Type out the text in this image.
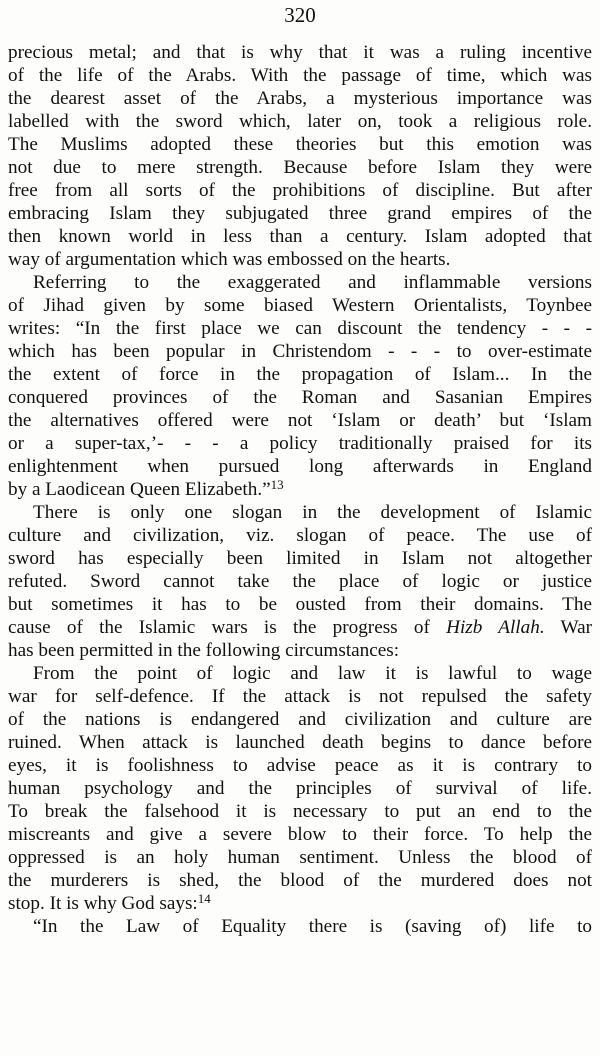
320
precious metal; and that is why that it was a ruling incentive
of the life of the Arabs. With the passage of time, which was
the dearest asset of the Arabs, a mysterious importance was
labelled with the sword which, later on, took a religious role.
The Muslims adopted these theories but this emotion was
not due to mere strength. Because before Islam they were
free from all sorts of the prohibitions of discipline. But after
embracing Islam they subjugated three grand empires of the
then known world in less than a century. Islam adopted that
way of argumentation which was embossed on the hearts.
Referring to the exaggerated and inflammable versions
of Jihad given by some biased Western Orientalists, Toynbee
writes: “In the first place we can discount the tendency - - -
which has been popular in Christendom - - - to over-estimate
the extent of force in the propagation of Islam... In the
conquered provinces of the Roman and Sasanian Empires
the alternatives offered were not ‘Islam or death’ but ‘Islam
or a super-tax,’- - - a policy traditionally praised for its
enlightenment when pursued long afterwards in England
by a Laodicean Queen Elizabeth.”$^{13}$
There is only one slogan in the development of Islamic
culture and civilization, viz. slogan of peace. The use of
sword has especially been limited in Islam not altogether
refuted. Sword cannot take the place of logic or justice
but sometimes it has to be ousted from their domains. The
cause of the Islamic wars is the progress of Hizb Allah. War
has been permitted in the following circumstances:
From the point of logic and law it is lawful to wage
war for self-defence. If the attack is not repulsed the safety
of the nations is endangered and civilization and culture are
ruined. When attack is launched death begins to dance before
eyes, it is foolishness to advise peace as it is contrary to
human psychology and the principles of survival of life.
To break the falsehood it is necessary to put an end to the
miscreants and give a severe blow to their force. To help the
oppressed is an holy human sentiment. Unless the blood of
the murderers is shed, the blood of the murdered does not
stop. It is why God says:$^{14}$
“In the Law of Equality there is (saving of) life to
